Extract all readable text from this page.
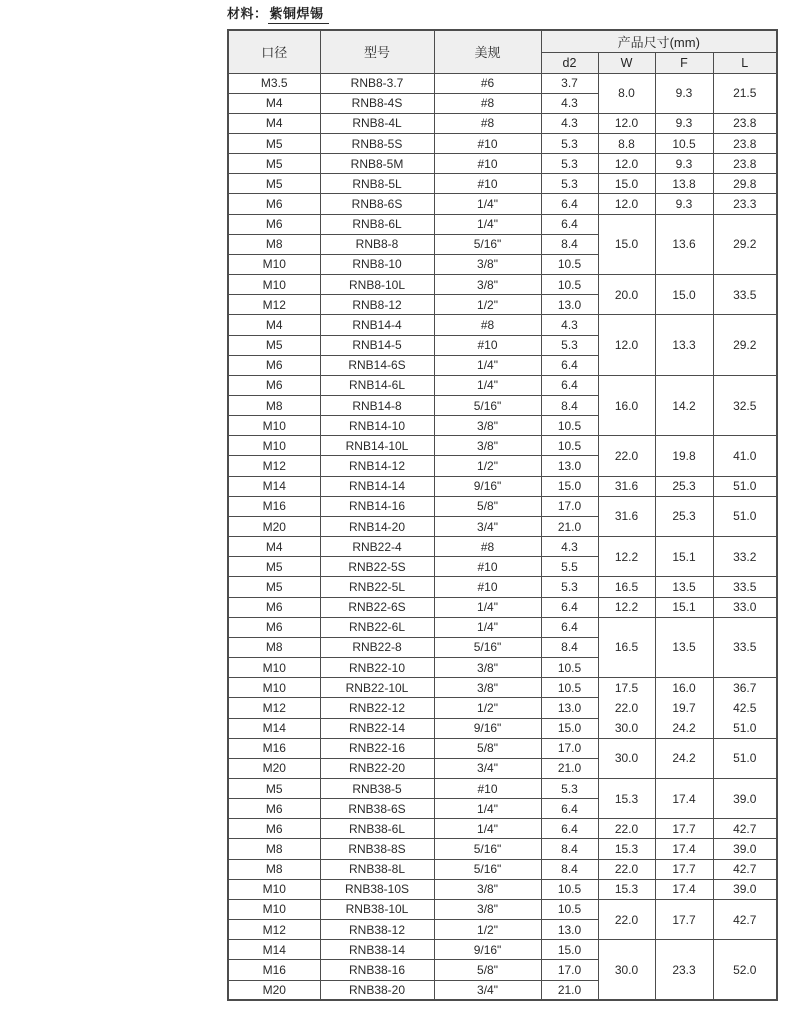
材料： 紫铜焊锡
口径	型号	美规	产品尺寸(mm)			
			d2	W	F	L
M3.5	RNB8-3.7	#6	3.7	8.0	9.3	21.5
M4	RNB8-4S	#8	4.3			
M4	RNB8-4L	#8	4.3	12.0	9.3	23.8
M5	RNB8-5S	#10	5.3	8.8	10.5	23.8
M5	RNB8-5M	#10	5.3	12.0	9.3	23.8
M5	RNB8-5L	#10	5.3	15.0	13.8	29.8
M6	RNB8-6S	1/4"	6.4	12.0	9.3	23.3
M6	RNB8-6L	1/4"	6.4	15.0	13.6	29.2
M8	RNB8-8	5/16"	8.4			
M10	RNB8-10	3/8"	10.5			
M10	RNB8-10L	3/8"	10.5	20.0	15.0	33.5
M12	RNB8-12	1/2"	13.0			
M4	RNB14-4	#8	4.3	12.0	13.3	29.2
M5	RNB14-5	#10	5.3			
M6	RNB14-6S	1/4"	6.4			
M6	RNB14-6L	1/4"	6.4	16.0	14.2	32.5
M8	RNB14-8	5/16"	8.4			
M10	RNB14-10	3/8"	10.5			
M10	RNB14-10L	3/8"	10.5	22.0	19.8	41.0
M12	RNB14-12	1/2"	13.0			
M14	RNB14-14	9/16"	15.0	31.6	25.3	51.0
M16	RNB14-16	5/8"	17.0	31.6	25.3	51.0
M20	RNB14-20	3/4"	21.0			
M4	RNB22-4	#8	4.3	12.2	15.1	33.2
M5	RNB22-5S	#10	5.5			
M5	RNB22-5L	#10	5.3	16.5	13.5	33.5
M6	RNB22-6S	1/4"	6.4	12.2	15.1	33.0
M6	RNB22-6L	1/4"	6.4	16.5	13.5	33.5
M8	RNB22-8	5/16"	8.4			
M10	RNB22-10	3/8"	10.5			
M10	RNB22-10L	3/8"	10.5	17.5	16.0	36.7
M12	RNB22-12	1/2"	13.0	22.0	19.7	42.5
M14	RNB22-14	9/16"	15.0	30.0	24.2	51.0
M16	RNB22-16	5/8"	17.0	30.0	24.2	51.0
M20	RNB22-20	3/4"	21.0			
M5	RNB38-5	#10	5.3	15.3	17.4	39.0
M6	RNB38-6S	1/4"	6.4			
M6	RNB38-6L	1/4"	6.4	22.0	17.7	42.7
M8	RNB38-8S	5/16"	8.4	15.3	17.4	39.0
M8	RNB38-8L	5/16"	8.4	22.0	17.7	42.7
M10	RNB38-10S	3/8"	10.5	15.3	17.4	39.0
M10	RNB38-10L	3/8"	10.5	22.0	17.7	42.7
M12	RNB38-12	1/2"	13.0			
M14	RNB38-14	9/16"	15.0	30.0	23.3	52.0
M16	RNB38-16	5/8"	17.0			
M20	RNB38-20	3/4"	21.0			
